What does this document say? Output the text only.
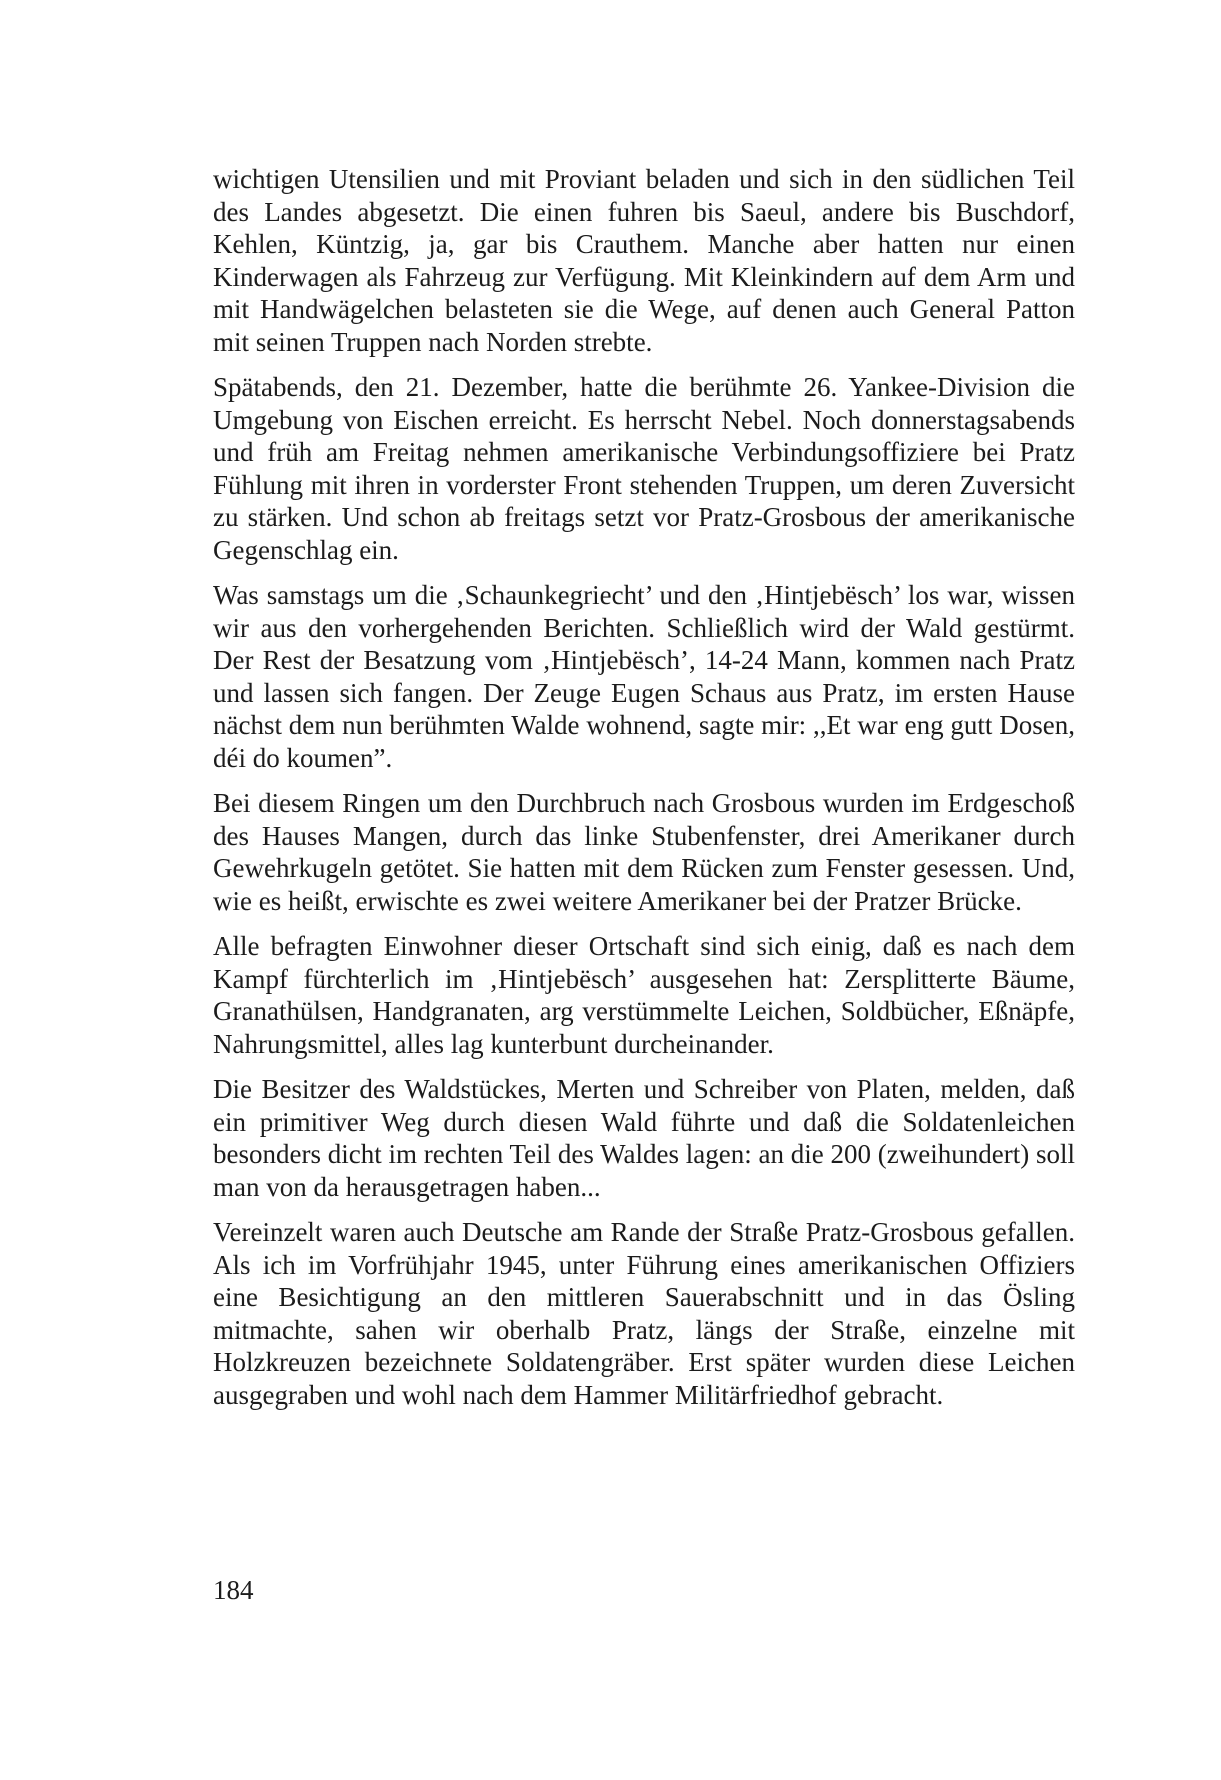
wichtigen Utensilien und mit Proviant beladen und sich in den südlichen Teil des Landes abgesetzt. Die einen fuhren bis Saeul, andere bis Buschdorf, Kehlen, Küntzig, ja, gar bis Crauthem. Manche aber hatten nur einen Kinderwagen als Fahrzeug zur Verfügung. Mit Kleinkindern auf dem Arm und mit Handwägelchen belasteten sie die Wege, auf denen auch General Patton mit seinen Truppen nach Norden strebte.

Spätabends, den 21. Dezember, hatte die berühmte 26. Yankee-Division die Umgebung von Eischen erreicht. Es herrscht Nebel. Noch donnerstagsabends und früh am Freitag nehmen amerikanische Verbindungsoffiziere bei Pratz Fühlung mit ihren in vorderster Front stehenden Truppen, um deren Zuversicht zu stärken. Und schon ab freitags setzt vor Pratz-Grosbous der amerikanische Gegenschlag ein.

Was samstags um die ‚Schaunkegriecht’ und den ‚Hintjebësch’ los war, wissen wir aus den vorhergehenden Berichten. Schließlich wird der Wald gestürmt. Der Rest der Besatzung vom ‚Hintjebësch’, 14-24 Mann, kommen nach Pratz und lassen sich fangen. Der Zeuge Eugen Schaus aus Pratz, im ersten Hause nächst dem nun berühmten Walde wohnend, sagte mir: ,,Et war eng gutt Dosen, déi do koumen”.

Bei diesem Ringen um den Durchbruch nach Grosbous wurden im Erdgeschoß des Hauses Mangen, durch das linke Stubenfenster, drei Amerikaner durch Gewehrkugeln getötet. Sie hatten mit dem Rücken zum Fenster gesessen. Und, wie es heißt, erwischte es zwei weitere Amerikaner bei der Pratzer Brücke.

Alle befragten Einwohner dieser Ortschaft sind sich einig, daß es nach dem Kampf fürchterlich im ‚Hintjebësch’ ausgesehen hat: Zersplitterte Bäume, Granathülsen, Handgranaten, arg verstümmelte Leichen, Soldbücher, Eßnäpfe, Nahrungsmittel, alles lag kunterbunt durcheinander.

Die Besitzer des Waldstückes, Merten und Schreiber von Platen, melden, daß ein primitiver Weg durch diesen Wald führte und daß die Soldatenleichen besonders dicht im rechten Teil des Waldes lagen: an die 200 (zweihundert) soll man von da herausgetragen haben...

Vereinzelt waren auch Deutsche am Rande der Straße Pratz-Grosbous gefallen. Als ich im Vorfrühjahr 1945, unter Führung eines amerikanischen Offiziers eine Besichtigung an den mittleren Sauerabschnitt und in das Ösling mitmachte, sahen wir oberhalb Pratz, längs der Straße, einzelne mit Holzkreuzen bezeichnete Soldatengräber. Erst später wurden diese Leichen ausgegraben und wohl nach dem Hammer Militärfriedhof gebracht.

184
